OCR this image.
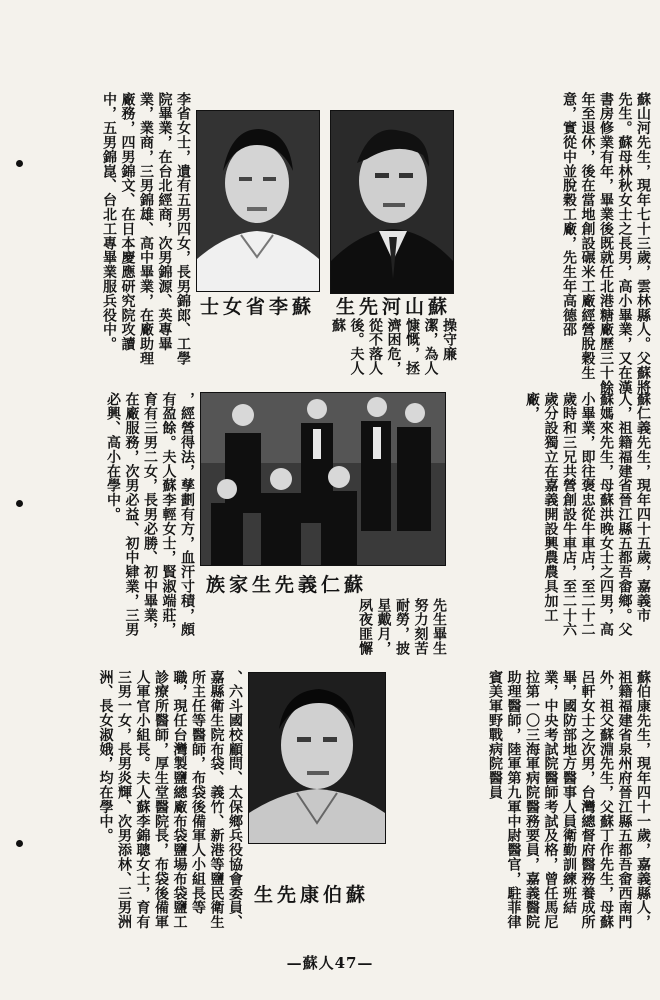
蘇山河先生，現年七十三歲，雲林縣人。父蘇將先生。蘇母林秋女士之長男，高小畢業，又在漢書房修業有年，畢業後既就任北港糖廠歷三十餘年至退休，後在當地創設碾米工廠經營脫穀生意，實從中並脫穀工廠，先生年高德邵
蘇山河先生
蘇李省女士
操守廉潔，為人慷慨，拯濟困危，從不落人後。夫人蘇
李省女士，遺有五男四女，長男錦郎、工學院畢業，在台北經商，次男錦源、英專畢業，業商，三男錦雄、高中畢業，在廠助理廠務，四男錦文、在日本慶應研究院攻讀中，五男錦崑、台北工專畢業服兵役中。
蘇仁義先生，現年四十五歲，嘉義市人，祖籍福建省晉江縣五都吾畲鄉。父蘇媽來先生，母蘇洪晚女士之四男，高小畢業，即往褒忠從牛車店，至二十二歲時和三兄共營創設牛車店，至二十六歲分設獨立在嘉義開設興農農具加工廠，
蘇仁義先生家族
先生畢生努力刻苦耐勞，披星戴月，夙夜匪懈
，經營得法，孳劃有方，血汗寸積，頗有盈餘。夫人蘇李輕女士，賢淑端莊，育有三男二女，長男必勝、初中畢業，在廠服務，次男必益、初中肄業，三男必興、高小在學中。
蘇伯康先生，現年四十一歲，嘉義縣人，祖籍福建省泉州府晉江縣五都吾畲西南門外，祖父蘇淵先生，父蘇丁作先生，母蘇呂軒女士之次男，台灣總督府醫務養成所畢，國防部地方醫事人員衛勤訓練班結業，中央考試院醫師考試及格，曾任馬尼拉第一〇三海軍病院醫務要員，嘉義醫院助理醫師，陸軍第九軍中尉醫官，駐菲律賓美軍野戰病院醫員
蘇伯康先生
、六斗國校顧問、太保鄉兵役協會委員、嘉縣衛生院布袋、義竹、新港等鹽民衛生所主任等醫師，布袋後備軍人小組長等職，現任台灣製鹽總廠布袋鹽場布袋鹽工診療所醫師，厚生堂醫院長，布袋後備軍人軍官小組長。夫人蘇李錦聰女士，育有三男一女，長男炎輝、次男添林、三男洲洲、長女淑娥，均在學中。
—蘇人47—
